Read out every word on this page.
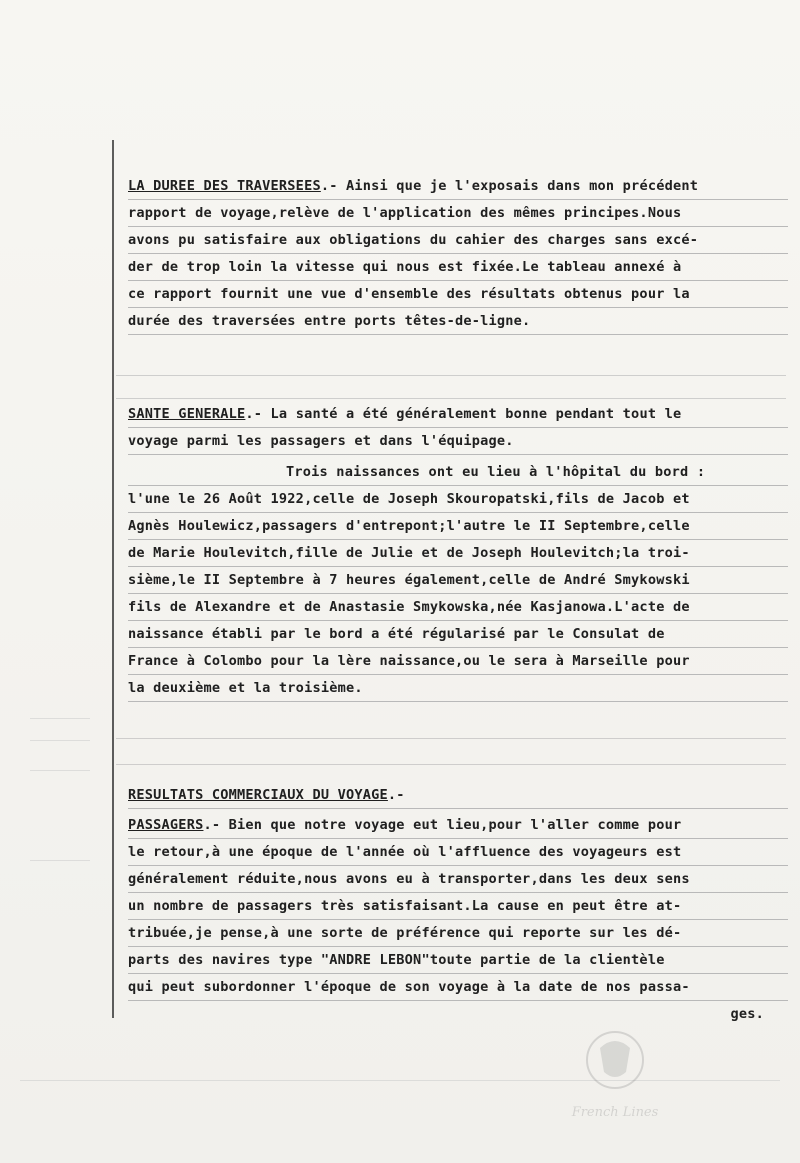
LA DUREE DES TRAVERSEES.- Ainsi que je l'exposais dans mon précédent
rapport de voyage,relève de l'application des mêmes principes.Nous
avons pu satisfaire aux obligations du cahier des charges sans excé-
der de trop loin la vitesse qui nous est fixée.Le tableau annexé à
ce rapport fournit une vue d'ensemble des résultats obtenus pour la
durée des traversées entre ports têtes-de-ligne.
SANTE GENERALE.- La santé a été généralement bonne pendant tout le
voyage parmi les passagers et dans l'équipage.
Trois naissances ont eu lieu à l'hôpital du bord :
l'une le 26 Août 1922,celle de Joseph Skouropatski,fils de Jacob et
Agnès Houlewicz,passagers d'entrepont;l'autre le II Septembre,celle
de Marie Houlevitch,fille de Julie et de Joseph Houlevitch;la troi-
sième,le II Septembre à 7 heures également,celle de André Smykowski
fils de Alexandre et de Anastasie Smykowska,née Kasjanowa.L'acte de
naissance établi par le bord a été régularisé par le Consulat de
France à Colombo pour la lère naissance,ou le sera à Marseille pour
la deuxième et la troisième.
RESULTATS COMMERCIAUX DU VOYAGE.-
PASSAGERS.- Bien que notre voyage eut lieu,pour l'aller comme pour
le retour,à une époque de l'année où l'affluence des voyageurs est
généralement réduite,nous avons eu à transporter,dans les deux sens
un nombre de passagers très satisfaisant.La cause en peut être at-
tribuée,je pense,à une sorte de préférence qui reporte sur les dé-
parts des navires type "ANDRE LEBON"toute partie de la clientèle
qui peut subordonner l'époque de son voyage à la date de nos passa-
ges.
French Lines
